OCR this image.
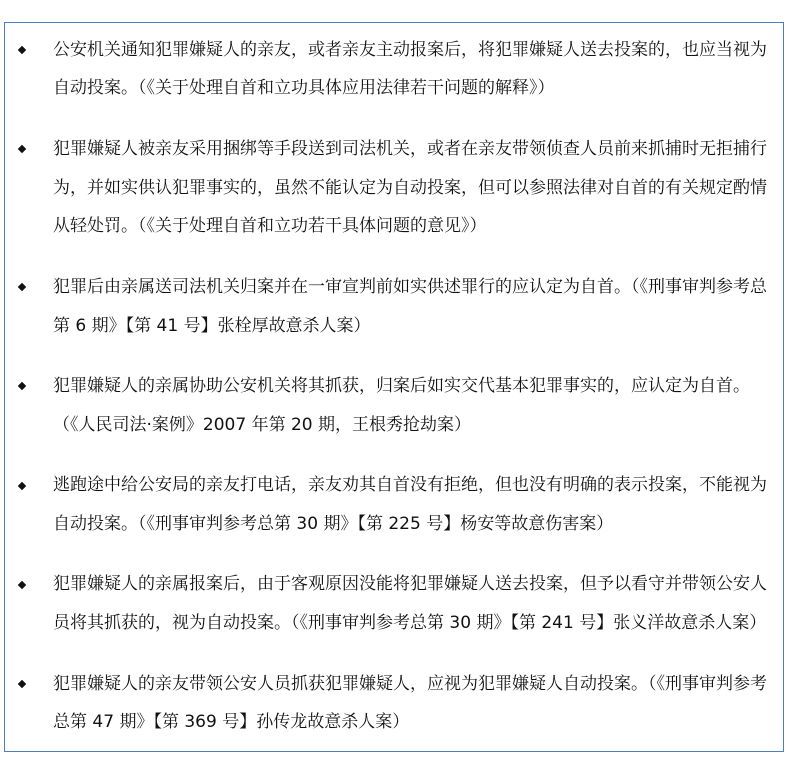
公安机关通知犯罪嫌疑人的亲友，或者亲友主动报案后，将犯罪嫌疑人送去投案的，也应当视为自动投案。（《关于处理自首和立功具体应用法律若干问题的解释》）
犯罪嫌疑人被亲友采用捆绑等手段送到司法机关，或者在亲友带领侦查人员前来抓捕时无拒捕行为，并如实供认犯罪事实的，虽然不能认定为自动投案，但可以参照法律对自首的有关规定酌情从轻处罚。（《关于处理自首和立功若干具体问题的意见》）
犯罪后由亲属送司法机关归案并在一审宣判前如实供述罪行的应认定为自首。（《刑事审判参考总第 6 期》【第 41 号】张栓厚故意杀人案）
犯罪嫌疑人的亲属协助公安机关将其抓获，归案后如实交代基本犯罪事实的，应认定为自首。（《人民司法·案例》2007 年第 20 期，王根秀抢劫案）
逃跑途中给公安局的亲友打电话，亲友劝其自首没有拒绝，但也没有明确的表示投案，不能视为自动投案。（《刑事审判参考总第 30 期》【第 225 号】杨安等故意伤害案）
犯罪嫌疑人的亲属报案后，由于客观原因没能将犯罪嫌疑人送去投案，但予以看守并带领公安人员将其抓获的，视为自动投案。（《刑事审判参考总第 30 期》【第 241 号】张义洋故意杀人案）
犯罪嫌疑人的亲友带领公安人员抓获犯罪嫌疑人，应视为犯罪嫌疑人自动投案。（《刑事审判参考总第 47 期》【第 369 号】孙传龙故意杀人案）
